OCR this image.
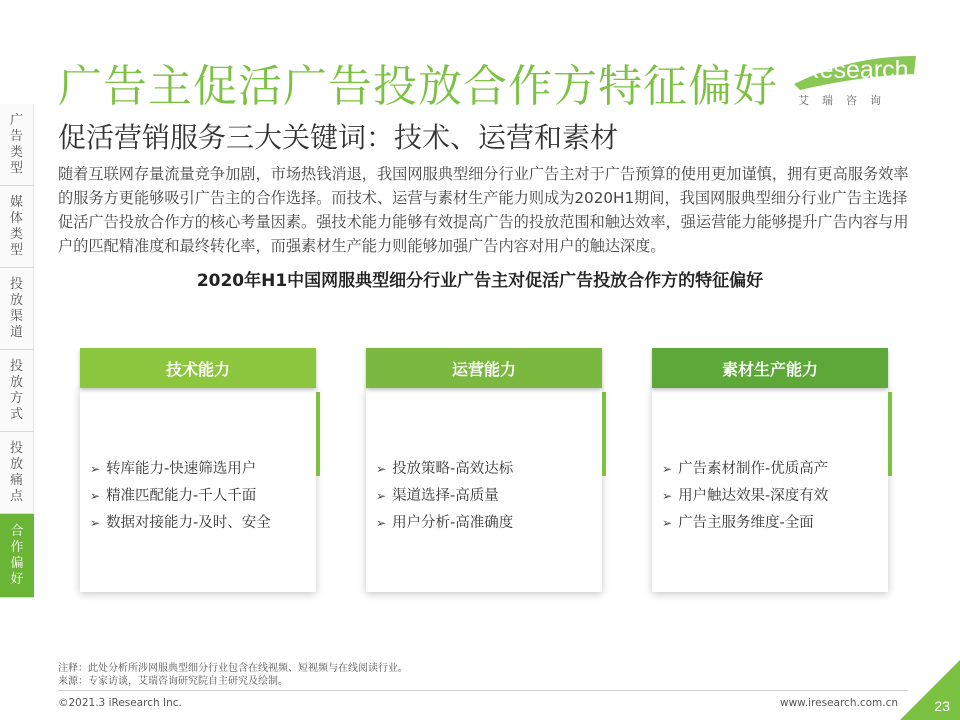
广告类型
媒体类型
投放渠道
投放方式
投放痛点
合作偏好
广告主促活广告投放合作方特征偏好
促活营销服务三大关键词：技术、运营和素材
iResearch
艾瑞咨询
随着互联网存量流量竞争加剧，市场热钱消退，我国网服典型细分行业广告主对于广告预算的使用更加谨慎，拥有更高服务效率的服务方更能够吸引广告主的合作选择。而技术、运营与素材生产能力则成为2020H1期间，我国网服典型细分行业广告主选择促活广告投放合作方的核心考量因素。强技术能力能够有效提高广告的投放范围和触达效率，强运营能力能够提升广告内容与用户的匹配精准度和最终转化率，而强素材生产能力则能够加强广告内容对用户的触达深度。
2020年H1中国网服典型细分行业广告主对促活广告投放合作方的特征偏好
技术能力
➢ 转库能力-快速筛选用户
➢ 精准匹配能力-千人千面
➢ 数据对接能力-及时、安全
运营能力
➢ 投放策略-高效达标
➢ 渠道选择-高质量
➢ 用户分析-高准确度
素材生产能力
➢ 广告素材制作-优质高产
➢ 用户触达效果-深度有效
➢ 广告主服务维度-全面
注释：此处分析所涉网服典型细分行业包含在线视频、短视频与在线阅读行业。
来源：专家访谈，艾瑞咨询研究院自主研究及绘制。
©2021.3 iResearch Inc.	www.iresearch.com.cn	23
